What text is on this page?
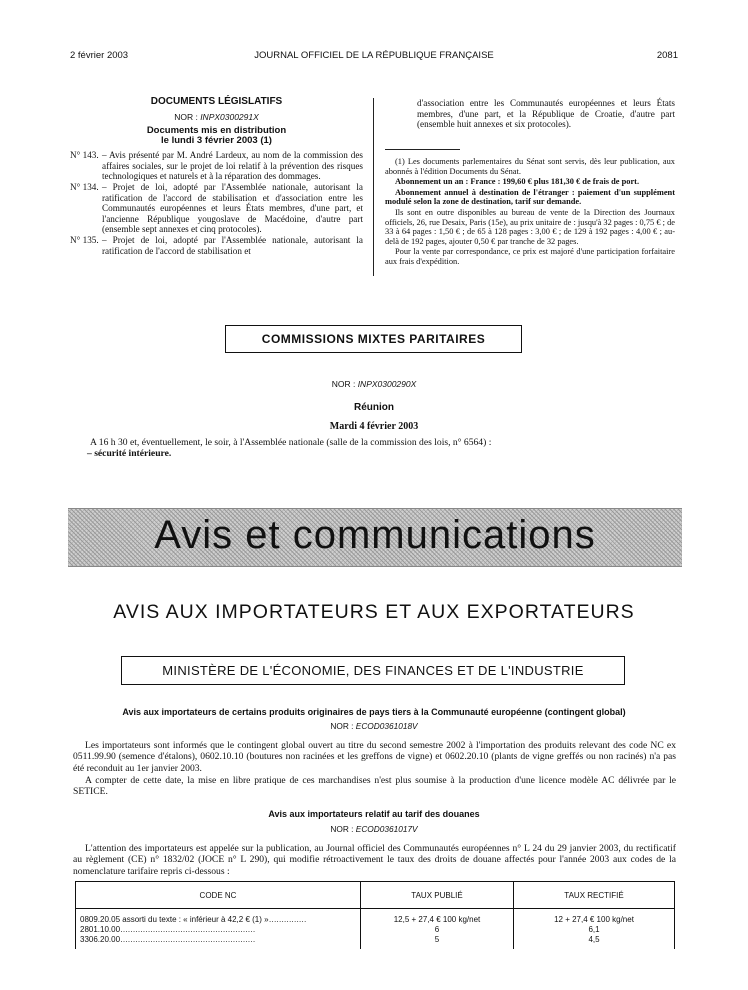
2 février 2003	JOURNAL OFFICIEL DE LA RÉPUBLIQUE FRANÇAISE	2081
DOCUMENTS LÉGISLATIFS
NOR : INPX0300291X
Documents mis en distribution
le lundi 3 février 2003 (1)
N° 143. – Avis présenté par M. André Lardeux, au nom de la commission des affaires sociales, sur le projet de loi relatif à la prévention des risques technologiques et naturels et à la réparation des dommages.
N° 134. – Projet de loi, adopté par l'Assemblée nationale, autorisant la ratification de l'accord de stabilisation et d'association entre les Communautés européennes et leurs États membres, d'une part, et l'ancienne République yougoslave de Macédoine, d'autre part (ensemble sept annexes et cinq protocoles).
N° 135. – Projet de loi, adopté par l'Assemblée nationale, autorisant la ratification de l'accord de stabilisation et
d'association entre les Communautés européennes et leurs États membres, d'une part, et la République de Croatie, d'autre part (ensemble huit annexes et six protocoles).

(1) Les documents parlementaires du Sénat sont servis, dès leur publication, aux abonnés à l'édition Documents du Sénat.

Abonnement un an : France : 199,60 € plus 181,30 € de frais de port.

Abonnement annuel à destination de l'étranger : paiement d'un supplément modulé selon la zone de destination, tarif sur demande.

Ils sont en outre disponibles au bureau de vente de la Direction des Journaux officiels, 26, rue Desaix, Paris (15e), au prix unitaire de : jusqu'à 32 pages : 0,75 € ; de 33 à 64 pages : 1,50 € ; de 65 à 128 pages : 3,00 € ; de 129 à 192 pages : 4,00 € ; au-delà de 192 pages, ajouter 0,50 € par tranche de 32 pages.

Pour la vente par correspondance, ce prix est majoré d'une participation forfaitaire aux frais d'expédition.

COMMISSIONS MIXTES PARITAIRES
NOR : INPX0300290X
Réunion
Mardi 4 février 2003
A 16 h 30 et, éventuellement, le soir, à l'Assemblée nationale (salle de la commission des lois, n° 6564) :
– sécurité intérieure.
Avis et communications
AVIS AUX IMPORTATEURS ET AUX EXPORTATEURS
MINISTÈRE DE L'ÉCONOMIE, DES FINANCES ET DE L'INDUSTRIE
Avis aux importateurs de certains produits originaires de pays tiers à la Communauté européenne (contingent global)
NOR : ECOD0361018V
Les importateurs sont informés que le contingent global ouvert au titre du second semestre 2002 à l'importation des produits relevant des code NC ex 0511.99.90 (semence d'étalons), 0602.10.10 (boutures non racinées et les greffons de vigne) et 0602.20.10 (plants de vigne greffés ou non racinés) n'a pas été reconduit au 1er janvier 2003.
A compter de cette date, la mise en libre pratique de ces marchandises n'est plus soumise à la production d'une licence modèle AC délivrée par le SETICE.
Avis aux importateurs relatif au tarif des douanes
NOR : ECOD0361017V
L'attention des importateurs est appelée sur la publication, au Journal officiel des Communautés européennes n° L 24 du 29 janvier 2003, du rectificatif au règlement (CE) n° 1832/02 (JOCE n° L 290), qui modifie rétroactivement le taux des droits de douane affectés pour l'année 2003 aux codes de la nomenclature tarifaire repris ci-dessous :
CODE NC	TAUX PUBLIÉ	TAUX RECTIFIÉ
0809.20.05 assorti du texte : « inférieur à 42,2 € (1) »……………	12,5 + 27,4 € 100 kg/net	12 + 27,4 € 100 kg/net
2801.10.00………………………………………………	6	6,1
3306.20.00………………………………………………	5	4,5
